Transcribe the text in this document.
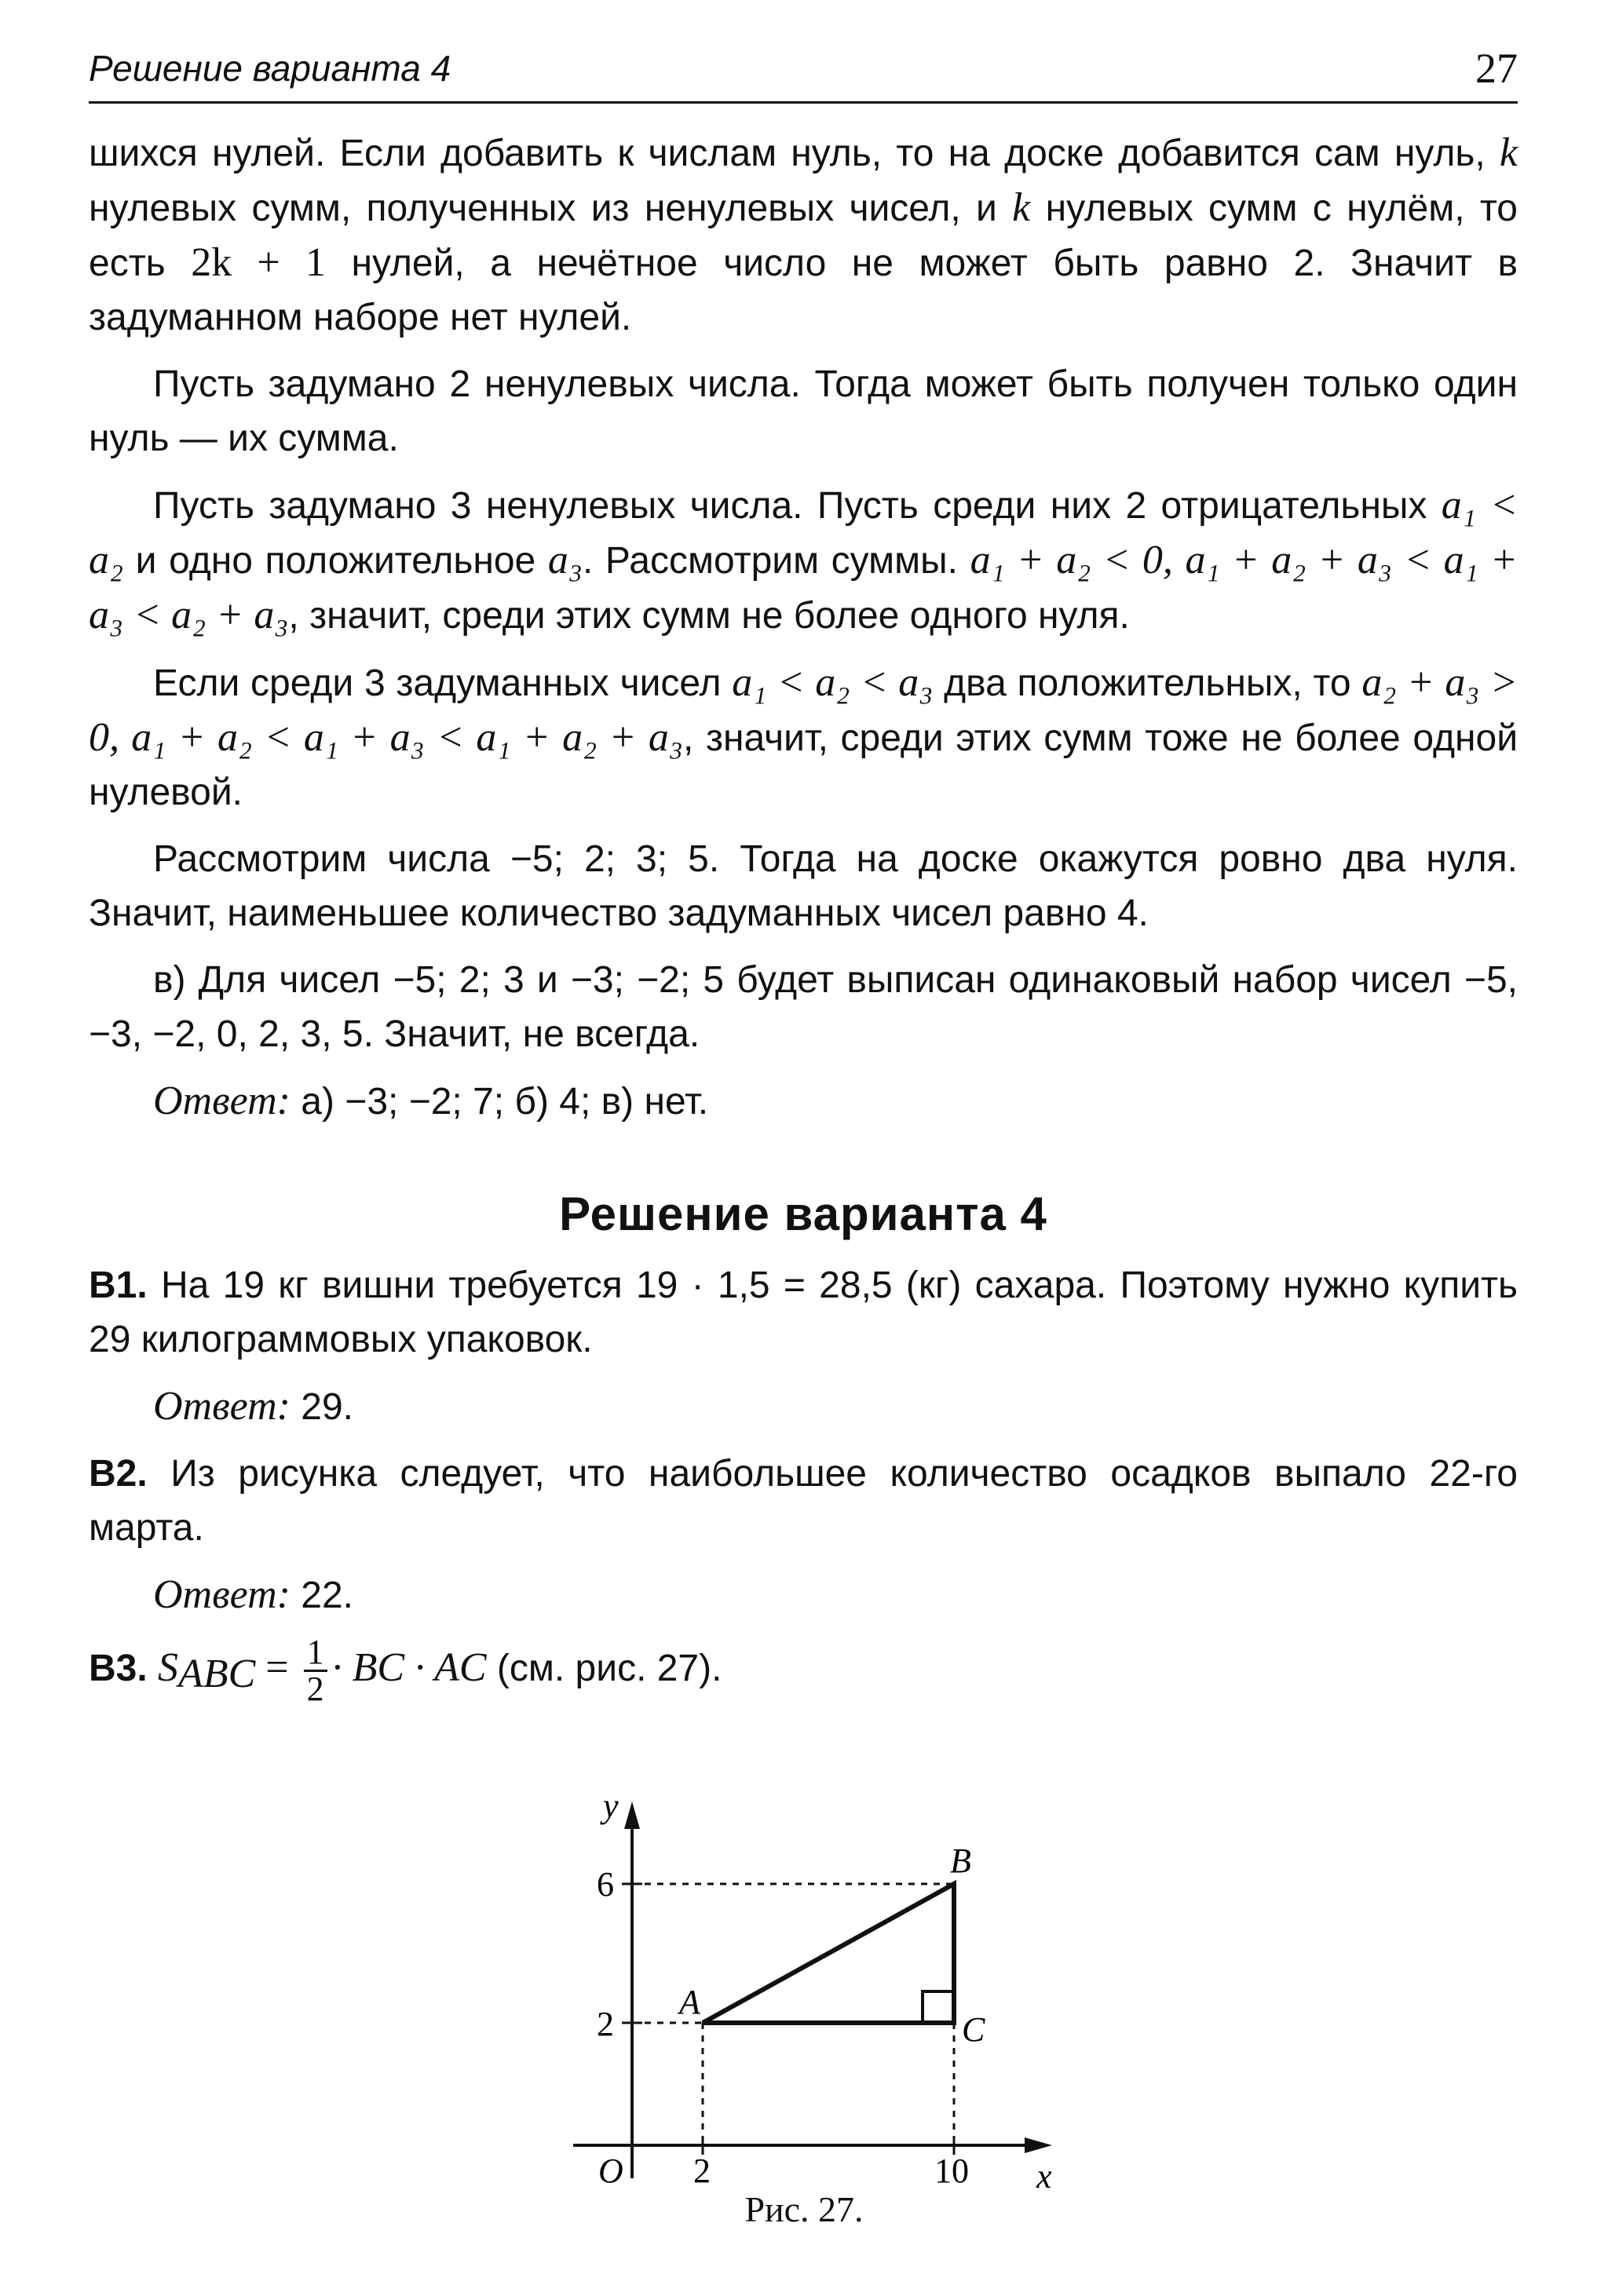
Решение варианта 4	27

шихся нулей. Если добавить к числам нуль, то на доске добавится сам нуль, k нулевых сумм, полученных из ненулевых чисел, и k нулевых сумм с нулём, то есть 2k + 1 нулей, а нечётное число не может быть равно 2. Значит в задуманном наборе нет нулей.

Пусть задумано 2 ненулевых числа. Тогда может быть получен только один нуль — их сумма.

Пусть задумано 3 ненулевых числа. Пусть среди них 2 отрицательных a₁ < a₂ и одно положительное a₃. Рассмотрим суммы. a₁ + a₂ < 0, a₁ + a₂ + a₃ < a₁ + a₃ < a₂ + a₃, значит, среди этих сумм не более одного нуля.

Если среди 3 задуманных чисел a₁ < a₂ < a₃ два положительных, то a₂ + a₃ > 0, a₁ + a₂ < a₁ + a₃ < a₁ + a₂ + a₃, значит, среди этих сумм тоже не более одной нулевой.

Рассмотрим числа −5; 2; 3; 5. Тогда на доске окажутся ровно два нуля. Значит, наименьшее количество задуманных чисел равно 4.

в) Для чисел −5; 2; 3 и −3; −2; 5 будет выписан одинаковый набор чисел −5, −3, −2, 0, 2, 3, 5. Значит, не всегда.

Ответ: а) −3; −2; 7; б) 4; в) нет.

Решение варианта 4

B1. На 19 кг вишни требуется 19 · 1,5 = 28,5 (кг) сахара. Поэтому нужно купить 29 килограммовых упаковок.

Ответ: 29.

B2. Из рисунка следует, что наибольшее количество осадков выпало 22-го марта.

Ответ: 22.

B3. $S_{ABC} = \frac{1}{2}$ · BC · AC (см. рис. 27).

y
x
O
6
2
2	10
A
B
C
Рис. 27.
